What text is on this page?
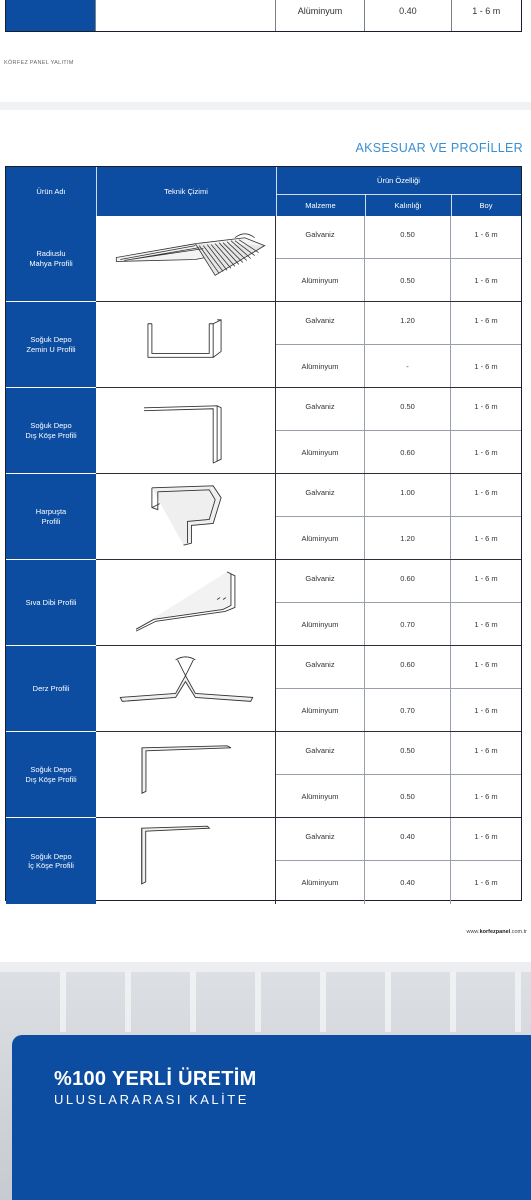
Alüminyum	0.40	1 - 6 m
KÖRFEZ PANEL YALITIM
AKSESUAR VE PROFİLLER
Ürün Adı	Teknik Çizimi
Ürün Özelliği
Malzeme	Kalınlığı	Boy
Radiuslu
Mahya Profili
Galvaniz	0.50	1 - 6 m
Alüminyum	0.50	1 - 6 m
Soğuk Depo
Zemin U Profili
Galvaniz	1.20	1 - 6 m
Alüminyum	-	1 - 6 m
Soğuk Depo
Dış Köşe Profili
Galvaniz	0.50	1 - 6 m
Alüminyum	0.60	1 - 6 m
Harpuşta
Profili
Galvaniz	1.00	1 - 6 m
Alüminyum	1.20	1 - 6 m
Sıva Dibi Profili
Galvaniz	0.60	1 - 6 m
Alüminyum	0.70	1 - 6 m
Derz Profili
Galvaniz	0.60	1 - 6 m
Alüminyum	0.70	1 - 6 m
Soğuk Depo
Dış Köşe Profili
Galvaniz	0.50	1 - 6 m
Alüminyum	0.50	1 - 6 m
Soğuk Depo
İç Köşe Profili
Galvaniz	0.40	1 - 6 m
Alüminyum	0.40	1 - 6 m
www.korfezpanel.com.tr
%100 YERLİ ÜRETİM
ULUSLARARASI KALİTE
